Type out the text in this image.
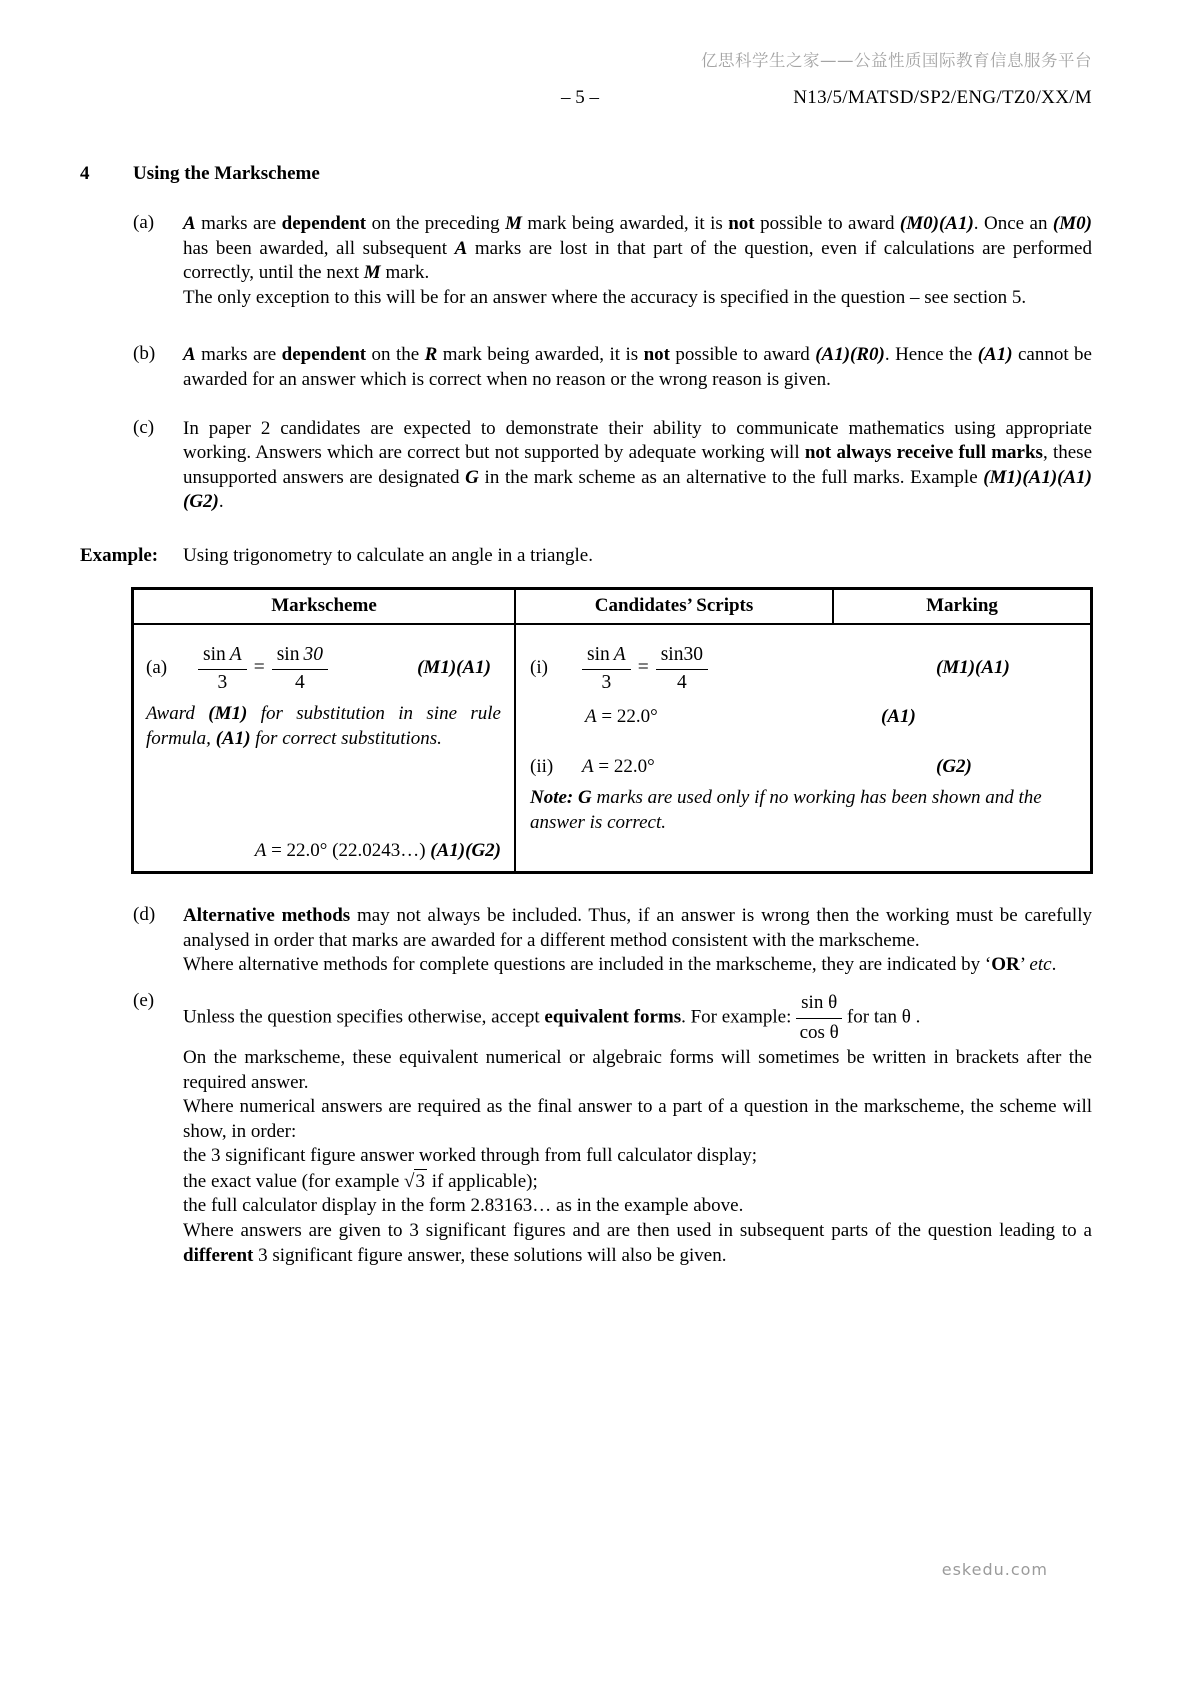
亿思科学生之家——公益性质国际教育信息服务平台
– 5 –	N13/5/MATSD/SP2/ENG/TZ0/XX/M
4 Using the Markscheme
(a)	A marks are dependent on the preceding M mark being awarded, it is not possible to award (M0)(A1). Once an (M0) has been awarded, all subsequent A marks are lost in that part of the question, even if calculations are performed correctly, until the next M mark.

The only exception to this will be for an answer where the accuracy is specified in the question – see section 5.

(b)	A marks are dependent on the R mark being awarded, it is not possible to award (A1)(R0). Hence the (A1) cannot be awarded for an answer which is correct when no reason or the wrong reason is given.

(c)	In paper 2 candidates are expected to demonstrate their ability to communicate mathematics using appropriate working. Answers which are correct but not supported by adequate working will not always receive full marks, these unsupported answers are designated G in the mark scheme as an alternative to the full marks. Example (M1)(A1)(A1)(G2).

Example:	Using trigonometry to calculate an angle in a triangle.
Markscheme	Candidates’ Scripts	Marking
(a)	$\frac{\text{sin A}}{3} = \frac{\sin 30}{4}$	(M1)(A1)
Award (M1) for substitution in sine rule formula, (A1) for correct substitutions.
A = 22.0° (22.0243…) (A1)(G2)
(i)	$\frac{\text{sin A}}{3} = \frac{\sin 30}{4}$	(M1)(A1)
A = 22.0°	(A1)
(ii)	A = 22.0°	(G2)
Note: G marks are used only if no working has been shown and the answer is correct.
(d)	Alternative methods may not always be included. Thus, if an answer is wrong then the working must be carefully analysed in order that marks are awarded for a different method consistent with the markscheme.

Where alternative methods for complete questions are included in the markscheme, they are indicated by ‘OR’ etc.

(e)

Unless the question specifies otherwise, accept equivalent forms. For example: $\frac{\text{sin θ}}{\text{cos θ}}$ for tan θ .

On the markscheme, these equivalent numerical or algebraic forms will sometimes be written in brackets after the required answer.

Where numerical answers are required as the final answer to a part of a question in the markscheme, the scheme will show, in order:

the 3 significant figure answer worked through from full calculator display;

the exact value (for example √3 if applicable);

the full calculator display in the form 2.83163… as in the example above.

Where answers are given to 3 significant figures and are then used in subsequent parts of the question leading to a different 3 significant figure answer, these solutions will also be given.

eskedu.com
